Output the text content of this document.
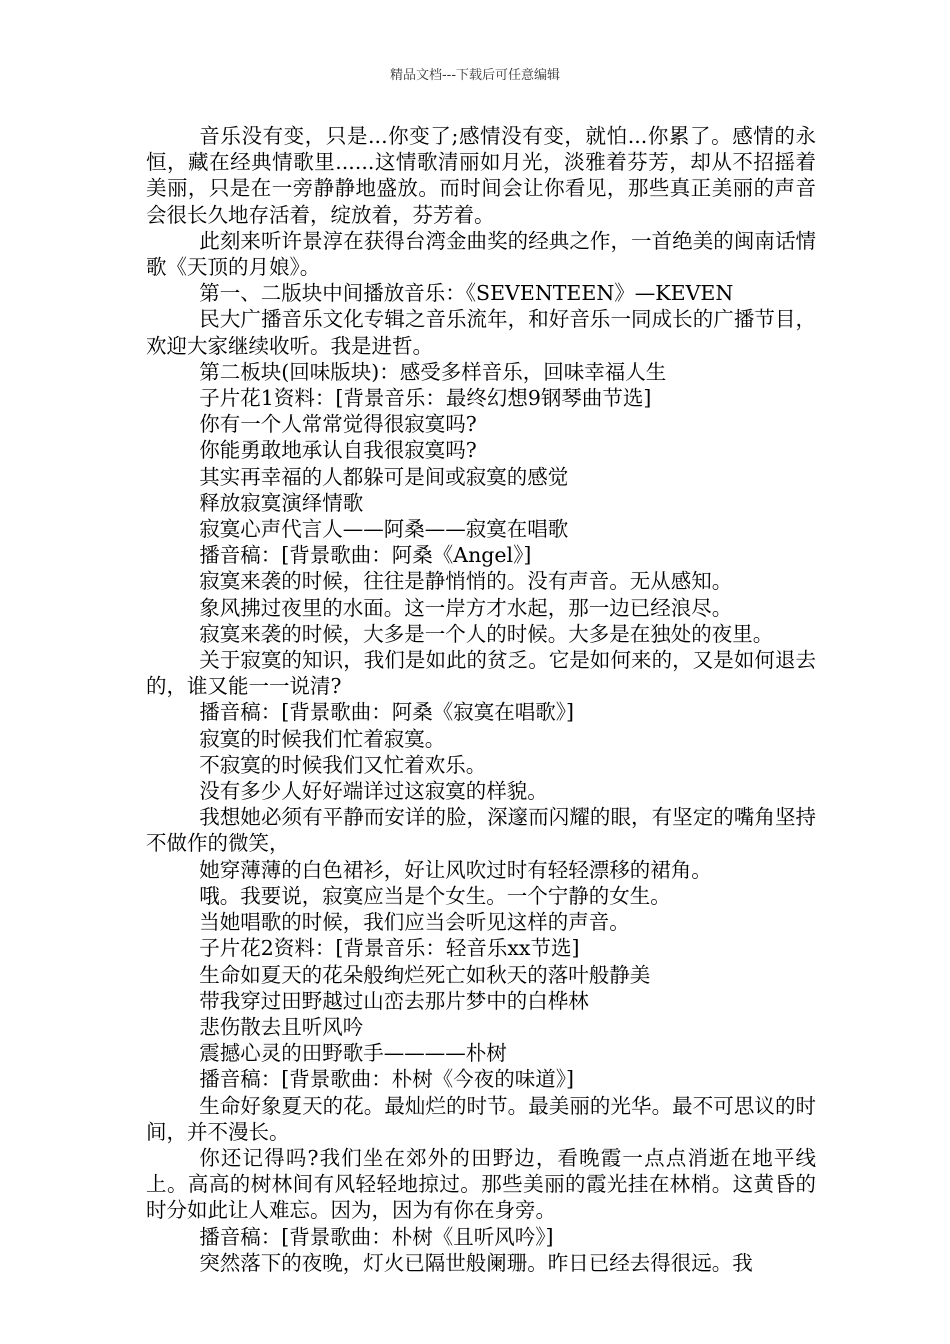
精品文档---下载后可任意编辑

音乐没有变，只是...你变了;感情没有变，就怕...你累了。感情的永恒，藏在经典情歌里......这情歌清丽如月光，淡雅着芬芳，却从不招摇着美丽，只是在一旁静静地盛放。而时间会让你看见，那些真正美丽的声音会很长久地存活着，绽放着，芬芳着。

此刻来听许景淳在获得台湾金曲奖的经典之作，一首绝美的闽南话情歌《天顶的月娘》。

第一、二版块中间播放音乐：《SEVENTEEN》—KEVEN

民大广播音乐文化专辑之音乐流年，和好音乐一同成长的广播节目，欢迎大家继续收听。我是进哲。

第二板块(回味版块)：感受多样音乐，回味幸福人生

子片花1资料：[背景音乐：最终幻想9钢琴曲节选]

你有一个人常常觉得很寂寞吗?

你能勇敢地承认自我很寂寞吗?

其实再幸福的人都躲可是间或寂寞的感觉

释放寂寞演绎情歌

寂寞心声代言人——阿桑——寂寞在唱歌

播音稿：[背景歌曲：阿桑《Angel》]

寂寞来袭的时候，往往是静悄悄的。没有声音。无从感知。

象风拂过夜里的水面。这一岸方才水起，那一边已经浪尽。

寂寞来袭的时候，大多是一个人的时候。大多是在独处的夜里。

关于寂寞的知识，我们是如此的贫乏。它是如何来的，又是如何退去的，谁又能一一说清?

播音稿：[背景歌曲：阿桑《寂寞在唱歌》]

寂寞的时候我们忙着寂寞。

不寂寞的时候我们又忙着欢乐。

没有多少人好好端详过这寂寞的样貌。

我想她必须有平静而安详的脸，深邃而闪耀的眼，有坚定的嘴角坚持不做作的微笑，

她穿薄薄的白色裙衫，好让风吹过时有轻轻漂移的裙角。

哦。我要说，寂寞应当是个女生。一个宁静的女生。

当她唱歌的时候，我们应当会听见这样的声音。

子片花2资料：[背景音乐：轻音乐xx节选]

生命如夏天的花朵般绚烂死亡如秋天的落叶般静美

带我穿过田野越过山峦去那片梦中的白桦林

悲伤散去且听风吟

震撼心灵的田野歌手————朴树

播音稿：[背景歌曲：朴树《今夜的味道》]

生命好象夏天的花。最灿烂的时节。最美丽的光华。最不可思议的时间，并不漫长。

你还记得吗?我们坐在郊外的田野边，看晚霞一点点消逝在地平线上。高高的树林间有风轻轻地掠过。那些美丽的霞光挂在林梢。这黄昏的时分如此让人难忘。因为，因为有你在身旁。

播音稿：[背景歌曲：朴树《且听风吟》]

突然落下的夜晚，灯火已隔世般阑珊。昨日已经去得很远。我
